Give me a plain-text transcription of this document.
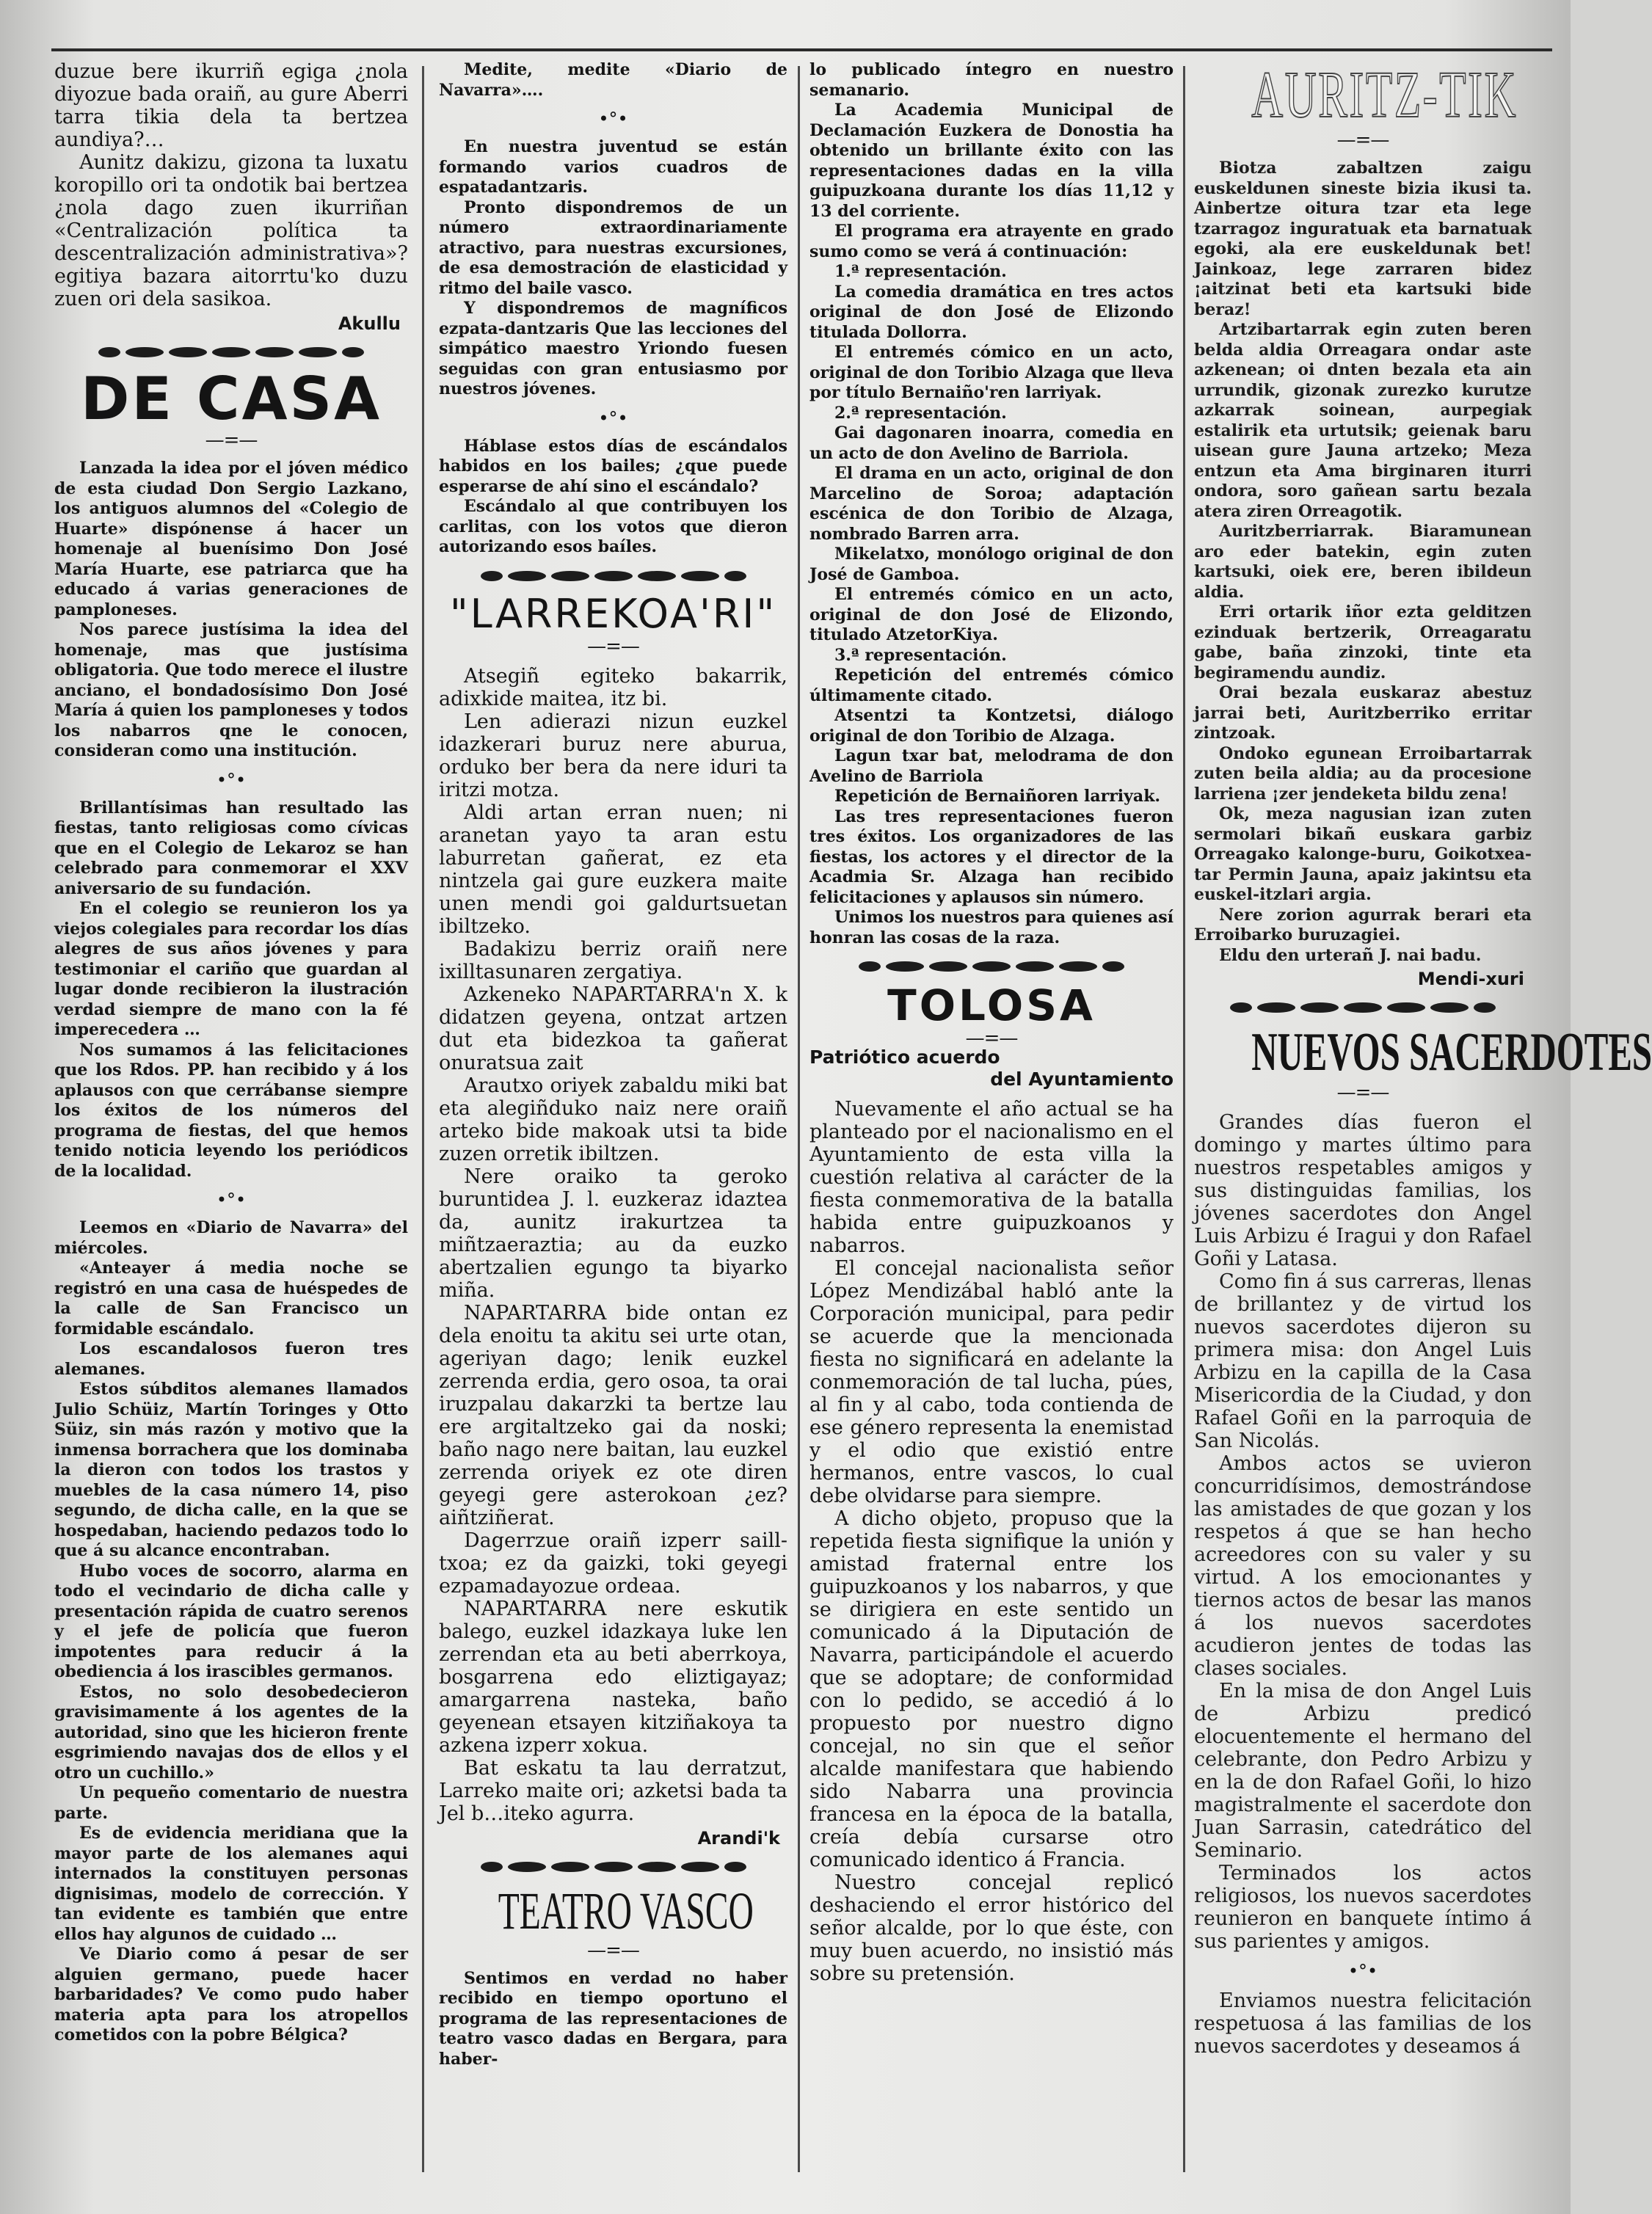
duzue bere ikurriñ egiga ¿nola diyozue bada oraiñ, au gure Aberri tarra tikia dela ta bertzea aundiya?…

Aunitz dakizu, gizona ta luxatu koropillo ori ta ondotik bai bertzea ¿nola dago zuen ikurriñan «Centralización política ta descentralización administrativa»? egitiya bazara aitorrtu'ko duzu zuen ori dela sasikoa.

Akullu

DE CASA
—=—

Lanzada la idea por el jóven médico de esta ciudad Don Sergio Lazkano, los antiguos alumnos del «Colegio de Huarte» dispónense á hacer un homenaje al buenísimo Don José María Huarte, ese patriarca que ha educado á varias generaciones de pamploneses.

Nos parece justísima la idea del homenaje, mas que justísima obligatoria. Que todo merece el ilustre anciano, el bondadosísimo Don José María á quien los pamploneses y todos los nabarros qne le conocen, consideran como una institución.

•°•

Brillantísimas han resultado las fiestas, tanto religiosas como cívicas que en el Colegio de Lekaroz se han celebrado para conmemorar el XXV aniversario de su fundación.

En el colegio se reunieron los ya viejos colegiales para recordar los días alegres de sus años jóvenes y para testimoniar el cariño que guardan al lugar donde recibieron la ilustración verdad siempre de mano con la fé imperecedera …

Nos sumamos á las felicitaciones que los Rdos. PP. han recibido y á los aplausos con que cerrábanse siempre los éxitos de los números del programa de fiestas, del que hemos tenido noticia leyendo los periódicos de la localidad.

•°•

Leemos en «Diario de Navarra» del miércoles.

«Anteayer á media noche se registró en una casa de huéspedes de la calle de San Francisco un formidable escándalo.

Los escandalosos fueron tres alemanes.

Estos súbditos alemanes llamados Julio Schüiz, Martín Toringes y Otto Süiz, sin más razón y motivo que la inmensa borrachera que los dominaba la dieron con todos los trastos y muebles de la casa número 14, piso segundo, de dicha calle, en la que se hospedaban, haciendo pedazos todo lo que á su alcance encontraban.

Hubo voces de socorro, alarma en todo el vecindario de dicha calle y presentación rápida de cuatro serenos y el jefe de policía que fueron impotentes para reducir á la obediencia á los irascibles germanos.

Estos, no solo desobedecieron gravisimamente á los agentes de la autoridad, sino que les hicieron frente esgrimiendo navajas dos de ellos y el otro un cuchillo.»

Un pequeño comentario de nuestra parte.

Es de evidencia meridiana que la mayor parte de los alemanes aqui internados la constituyen personas dignisimas, modelo de corrección. Y tan evidente es también que entre ellos hay algunos de cuidado …

Ve Diario como á pesar de ser alguien germano, puede hacer barbaridades? Ve como pudo haber materia apta para los atropellos cometidos con la pobre Bélgica?

Medite, medite «Diario de Navarra»….

•°•

En nuestra juventud se están formando varios cuadros de espatadantzaris.

Pronto dispondremos de un número extraordinariamente atractivo, para nuestras excursiones, de esa demostración de elasticidad y ritmo del baile vasco.

Y dispondremos de magníficos ezpata-dantzaris Que las lecciones del simpático maestro Yriondo fuesen seguidas con gran entusiasmo por nuestros jóvenes.

•°•

Háblase estos días de escándalos habidos en los bailes; ¿que puede esperarse de ahí sino el escándalo?

Escándalo al que contribuyen los carlitas, con los votos que dieron autorizando esos baíles.

"LARREKOA'RI"
—=—

Atsegiñ egiteko bakarrik, adixkide maitea, itz bi.

Len adierazi nizun euzkel idazkerari buruz nere aburua, orduko ber bera da nere iduri ta iritzi motza.

Aldi artan erran nuen; ni aranetan yayo ta aran estu laburretan gañerat, ez eta nintzela gai gure euzkera maite unen mendi goi galdurtsuetan ibiltzeko.

Badakizu berriz oraiñ nere ixilltasunaren zergatiya.

Azkeneko NAPARTARRA'n X. k didatzen geyena, ontzat artzen dut eta bidezkoa ta gañerat onuratsua zait

Arautxo oriyek zabaldu miki bat eta alegiñduko naiz nere oraiñ arteko bide makoak utsi ta bide zuzen orretik ibiltzen.

Nere oraiko ta geroko buruntidea J. l. euzkeraz idaztea da, aunitz irakurtzea ta miñtzaeraztia; au da euzko abertzalien egungo ta biyarko miña.

NAPARTARRA bide ontan ez dela enoitu ta akitu sei urte otan, ageriyan dago; lenik euzkel zerrenda erdia, gero osoa, ta orai iruzpalau dakarzki ta bertze lau ere argitaltzeko gai da noski; baño nago nere baitan, lau euzkel zerrenda oriyek ez ote diren geyegi gere asterokoan ¿ez? aiñtziñerat.

Dagerrzue oraiñ izperr saill-txoa; ez da gaizki, toki geyegi ezpamadayozue ordeaa.

NAPARTARRA nere eskutik balego, euzkel idazkaya luke len zerrendan eta au beti aberrkoya, bosgarrena edo eliztigayaz; amargarrena nasteka, baño geyenean etsayen kitziñakoya ta azkena izperr xokua.

Bat eskatu ta lau derratzut, Larreko maite ori; azketsi bada ta Jel b…iteko agurra.

Arandi'k

TEATRO VASCO
—=—

Sentimos en verdad no haber recibido en tiempo oportuno el programa de las representaciones de teatro vasco dadas en Bergara, para haber-

lo publicado íntegro en nuestro semanario.

La Academia Municipal de Declamación Euzkera de Donostia ha obtenido un brillante éxito con las representaciones dadas en la villa guipuzkoana durante los días 11,12 y 13 del corriente.

El programa era atrayente en grado sumo como se verá á continuación:

1.ª representación.

La comedia dramática en tres actos original de don José de Elizondo titulada Dollorra.

El entremés cómico en un acto, original de don Toribio Alzaga que lleva por título Bernaiño'ren larriyak.

2.ª representación.

Gai dagonaren inoarra, comedia en un acto de don Avelino de Barriola.

El drama en un acto, original de don Marcelino de Soroa; adaptación escénica de don Toribio de Alzaga, nombrado Barren arra.

Mikelatxo, monólogo original de don José de Gamboa.

El entremés cómico en un acto, original de don José de Elizondo, titulado AtzetorKiya.

3.ª representación.

Repetición del entremés cómico últimamente citado.

Atsentzi ta Kontzetsi, diálogo original de don Toribio de Alzaga.

Lagun txar bat, melodrama de don Avelino de Barriola

Repetición de Bernaiñoren larriyak.

Las tres representaciones fueron tres éxitos. Los organizadores de las fiestas, los actores y el director de la Acadmia Sr. Alzaga han recibido felicitaciones y aplausos sin número.

Unimos los nuestros para quienes así honran las cosas de la raza.

TOLOSA
—=—

Patriótico acuerdo

del Ayuntamiento

Nuevamente el año actual se ha planteado por el nacionalismo en el Ayuntamiento de esta villa la cuestión relativa al carácter de la fiesta conmemorativa de la batalla habida entre guipuzkoanos y nabarros.

El concejal nacionalista señor López Mendizábal habló ante la Corporación municipal, para pedir se acuerde que la mencionada fiesta no significará en adelante la conmemoración de tal lucha, púes, al fin y al cabo, toda contienda de ese género representa la enemistad y el odio que existió entre hermanos, entre vascos, lo cual debe olvidarse para siempre.

A dicho objeto, propuso que la repetida fiesta signifique la unión y amistad fraternal entre los guipuzkoanos y los nabarros, y que se dirigiera en este sentido un comunicado á la Diputación de Navarra, participándole el acuerdo que se adoptare; de conformidad con lo pedido, se accedió á lo propuesto por nuestro digno concejal, no sin que el señor alcalde manifestara que habiendo sido Nabarra una provincia francesa en la época de la batalla, creía debía cursarse otro comunicado identico á Francia.

Nuestro concejal replicó deshaciendo el error histórico del señor alcalde, por lo que éste, con muy buen acuerdo, no insistió más sobre su pretensión.

AURITZ-TIK
—=—

Biotza zabaltzen zaigu euskeldunen sineste bizia ikusi ta. Ainbertze oitura tzar eta lege tzarragoz inguratuak eta barnatuak egoki, ala ere euskeldunak bet! Jainkoaz, lege zarraren bidez ¡aitzinat beti eta kartsuki bide beraz!

Artzibartarrak egin zuten beren belda aldia Orreagara ondar aste azkenean; oi dnten bezala eta ain urrundik, gizonak zurezko kurutze azkarrak soinean, aurpegiak estalirik eta urtutsik; geienak baru uisean gure Jauna artzeko; Meza entzun eta Ama birginaren iturri ondora, soro gañean sartu bezala atera ziren Orreagotik.

Auritzberriarrak. Biaramunean aro eder batekin, egin zuten kartsuki, oiek ere, beren ibildeun aldia.

Erri ortarik iñor ezta gelditzen ezinduak bertzerik, Orreagaratu gabe, baña zinzoki, tinte eta begiramendu aundiz.

Orai bezala euskaraz abestuz jarrai beti, Auritzberriko erritar zintzoak.

Ondoko egunean Erroibartarrak zuten beila aldia; au da procesione larriena ¡zer jendeketa bildu zena!

Ok, meza nagusian izan zuten sermolari bikañ euskara garbiz Orreagako kalonge-buru, Goikotxea-tar Permin Jauna, apaiz jakintsu eta euskel-itzlari argia.

Nere zorion agurrak berari eta Erroibarko buruzagiei.

Eldu den urterañ J. nai badu.

Mendi-xuri

NUEVOS SACERDOTES
—=—

Grandes días fueron el domingo y martes último para nuestros respetables amigos y sus distinguidas familias, los jóvenes sacerdotes don Angel Luis Arbizu é Iragui y don Rafael Goñi y Latasa.

Como fin á sus carreras, llenas de brillantez y de virtud los nuevos sacerdotes dijeron su primera misa: don Angel Luis Arbizu en la capilla de la Casa Misericordia de la Ciudad, y don Rafael Goñi en la parroquia de San Nicolás.

Ambos actos se uvieron concurridísimos, demostrándose las amistades de que gozan y los respetos á que se han hecho acreedores con su valer y su virtud. A los emocionantes y tiernos actos de besar las manos á los nuevos sacerdotes acudieron jentes de todas las clases sociales.

En la misa de don Angel Luis de Arbizu predicó elocuentemente el hermano del celebrante, don Pedro Arbizu y en la de don Rafael Goñi, lo hizo magistralmente el sacerdote don Juan Sarrasin, catedrático del Seminario.

Terminados los actos religiosos, los nuevos sacerdotes reunieron en banquete íntimo á sus parientes y amigos.

•°•

Enviamos nuestra felicitación respetuosa á las familias de los nuevos sacerdotes y deseamos á
